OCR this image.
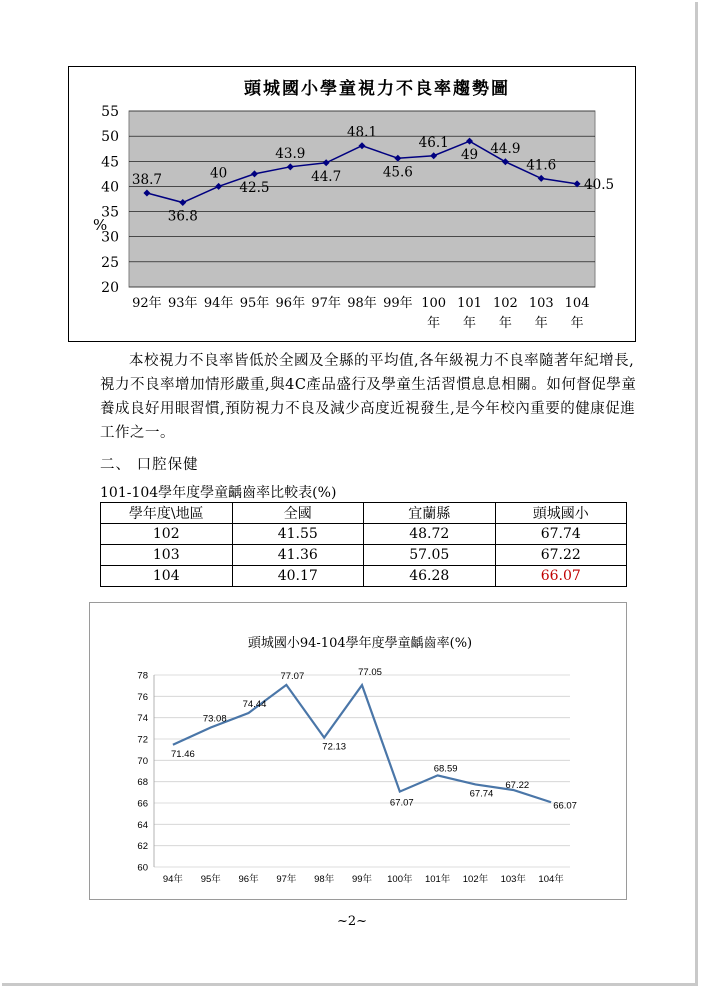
頭城國小學童視力不良率趨勢圖
20
25
30
35
40
45
50
55
92年 93年 94年 95年 96年 97年 98年 99年 100 年
101 年
102 年
103 年
104 年
%
38.7
36.8
40
42.5
43.9
44.7
48.1
45.6
46.1
49 44.9
41.6
40.5

本校視力不良率皆低於全國及全縣的平均值,各年級視力不良率隨著年紀增長,視力不良率增加情形嚴重,與4C產品盛行及學童生活習慣息息相關。如何督促學童養成良好用眼習慣,預防視力不良及減少高度近視發生,是今年校內重要的健康促進工作之一。

二、 口腔保健
101-104學年度學童齲齒率比較表(%)
學年度\地區	全國	宜蘭縣	頭城國小
102	41.55	48.72	67.74
103	41.36	57.05	67.22
104	40.17	46.28	66.07
頭城國小94-104學年度學童齲齒率(%)
60
62
64
66
68
70
72
74
76
78
94年 95年 96年 97年 98年 99年 100年 101年 102年 103年 104年
71.46
73.08
74.44
77.07
72.13
77.05
67.07
68.59
67.74
67.22
66.07
~2~
